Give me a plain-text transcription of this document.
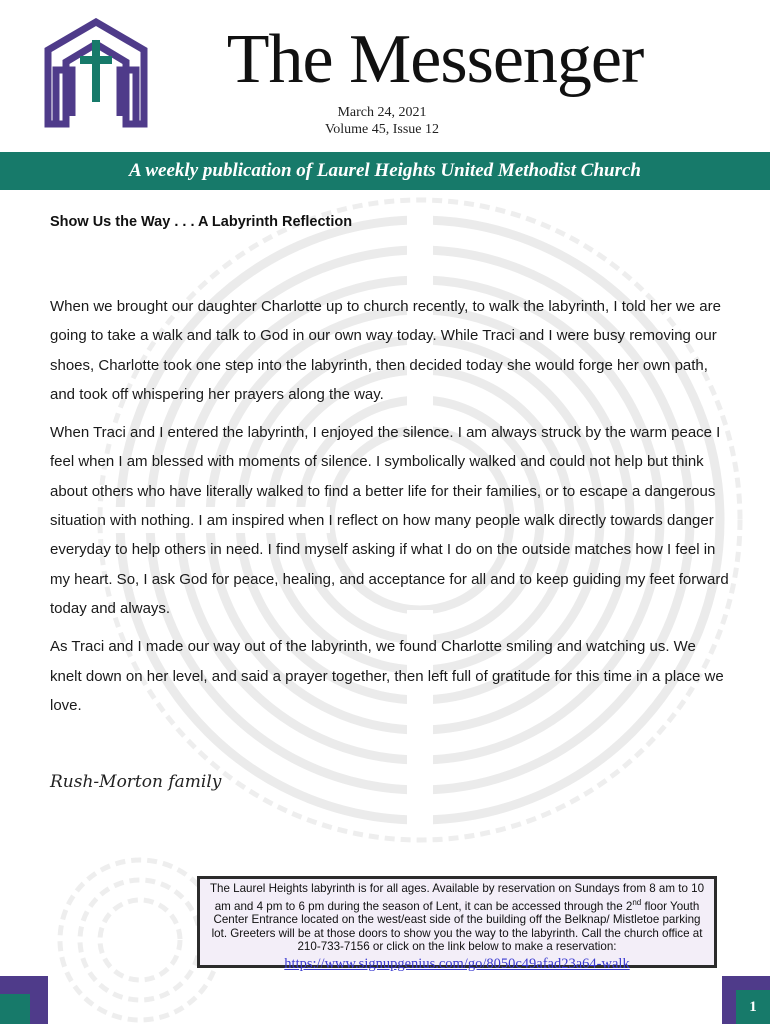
The Messenger
March 24, 2021
Volume 45, Issue 12
A weekly publication of Laurel Heights United Methodist Church
Show Us the Way . . . A Labyrinth Reflection

When we brought our daughter Charlotte up to church recently, to walk the labyrinth, I told her we are going to take a walk and talk to God in our own way today. While Traci and I were busy removing our shoes, Charlotte took one step into the labyrinth, then decided today she would forge her own path, and took off whispering her prayers along the way.

When Traci and I entered the labyrinth, I enjoyed the silence. I am always struck by the warm peace I feel when I am blessed with moments of silence. I symbolically walked and could not help but think about others who have literally walked to find a better life for their families, or to escape a dangerous situation with nothing. I am inspired when I reflect on how many people walk directly towards danger everyday to help others in need. I find myself asking if what I do on the outside matches how I feel in my heart. So, I ask God for peace, healing, and acceptance for all and to keep guiding my feet forward today and always.

As Traci and I made our way out of the labyrinth, we found Charlotte smiling and watching us. We knelt down on her level, and said a prayer together, then left full of gratitude for this time in a place we love.

Rush-Morton family
The Laurel Heights labyrinth is for all ages. Available by reservation on Sundays from 8 am to 10 am and 4 pm to 6 pm during the season of Lent, it can be accessed through the 2nd floor Youth Center Entrance located on the west/east side of the building off the Belknap/ Mistletoe parking lot. Greeters will be at those doors to show you the way to the labyrinth. Call the church office at 210-733-7156 or click on the link below to make a reservation:
https://www.signupgenius.com/go/8050c49afad23a64-walk
1
